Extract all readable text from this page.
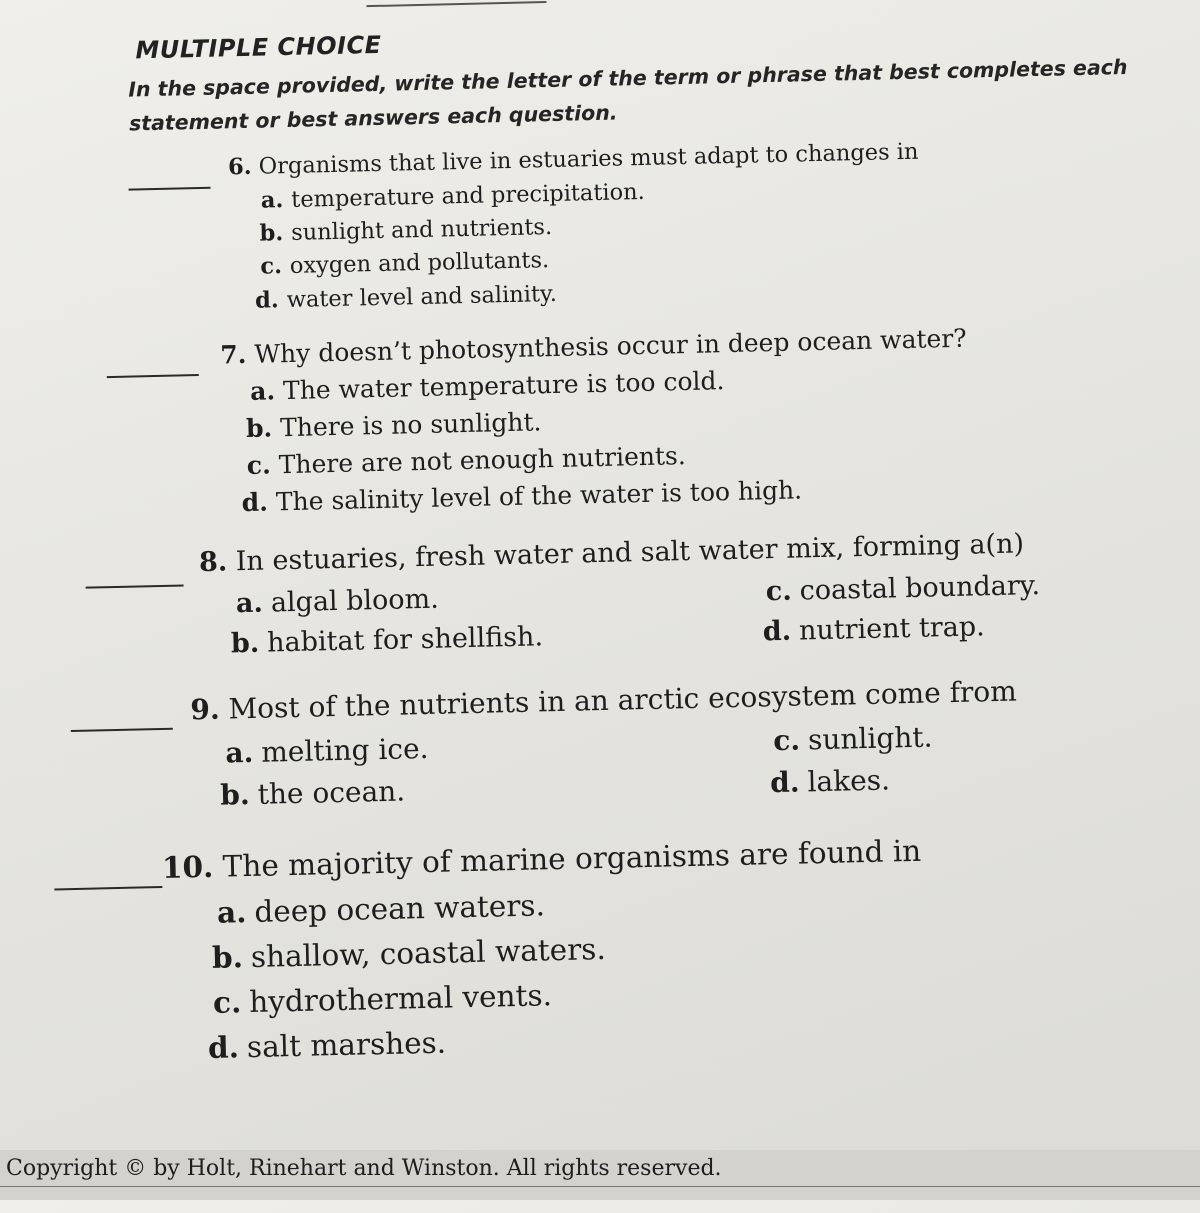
MULTIPLE CHOICE
In the space provided, write the letter of the term or phrase that best completes each statement or best answers each question.
6. Organisms that live in estuaries must adapt to changes in
a. temperature and precipitation.
b. sunlight and nutrients.
c. oxygen and pollutants.
d. water level and salinity.
7. Why doesn’t photosynthesis occur in deep ocean water?
a. The water temperature is too cold.
b. There is no sunlight.
c. There are not enough nutrients.
d. The salinity level of the water is too high.
8. In estuaries, fresh water and salt water mix, forming a(n)
a. algal bloom.
b. habitat for shellfish.
c. coastal boundary.
d. nutrient trap.
9. Most of the nutrients in an arctic ecosystem come from
a. melting ice.
b. the ocean.
c. sunlight.
d. lakes.
10. The majority of marine organisms are found in
a. deep ocean waters.
b. shallow, coastal waters.
c. hydrothermal vents.
d. salt marshes.
Copyright © by Holt, Rinehart and Winston. All rights reserved.
